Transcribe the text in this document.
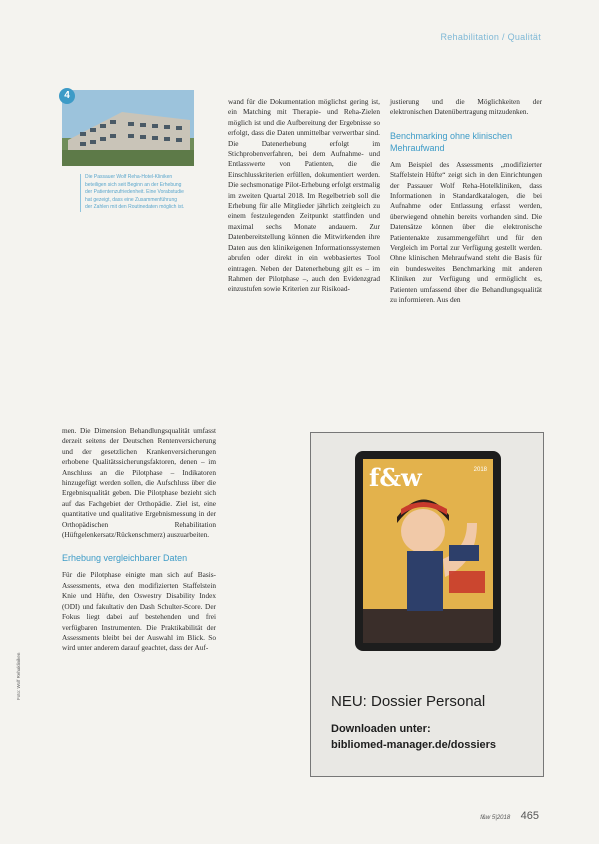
Rehabilitation / Qualität
Foto: Wolf Rehakliniken
4
Die Passauer Wolf Reha-Hotel-Kliniken beteiligen sich seit Beginn an der Erhebung der Patientenzufriedenheit. Eine Vorabstudie hat gezeigt, dass eine Zusammenführung der Zahlen mit den Routinedaten möglich ist.

wand für die Dokumentation möglichst gering ist, ein Matching mit Therapie- und Reha-Zielen möglich ist und die Aufbereitung der Ergebnisse so erfolgt, dass die Daten unmittelbar verwertbar sind. Die Datenerhebung erfolgt im Stichprobenverfahren, bei dem Aufnahme- und Entlasswerte von Patienten, die die Einschlusskriterien erfüllen, dokumentiert werden. Die sechsmonatige Pilot-Erhebung erfolgt erstmalig im zweiten Quartal 2018. Im Regelbetrieb soll die Erhebung für alle Mitglieder jährlich zeitgleich zu einem festzulegenden Zeitpunkt stattfinden und maximal sechs Monate andauern. Zur Datenbereitstellung können die Mitwirkenden ihre Daten aus den klinikeigenen Informationssystemen abrufen oder direkt in ein webbasiertes Tool eintragen. Neben der Datenerhebung gilt es – im Rahmen der Pilotphase –, auch den Evidenzgrad einzustufen sowie Kriterien zur Risikoad-

justierung und die Möglichkeiten der elektronischen Datenübertragung mitzudenken.

Benchmarking ohne klinischen Mehraufwand

Am Beispiel des Assessments „modifizierter Staffelstein Hüfte“ zeigt sich in den Einrichtungen der Passauer Wolf Reha-Hotelkliniken, dass Informationen in Standardkatalogen, die bei Aufnahme oder Entlassung erfasst werden, überwiegend ohnehin bereits vorhanden sind. Die Datensätze können über die elektronische Patientenakte zusammengeführt und für den Vergleich im Portal zur Verfügung gestellt werden. Ohne klinischen Mehraufwand steht die Basis für ein bundesweites Benchmarking mit anderen Kliniken zur Verfügung und ermöglicht es, Patienten umfassend über die Behandlungsqualität zu informieren. Aus den

men. Die Dimension Behandlungsqualität umfasst derzeit seitens der Deutschen Rentenversicherung und der gesetzlichen Krankenversicherungen erhobene Qualitätssicherungsfaktoren, denen – im Anschluss an die Pilotphase – Indikatoren hinzugefügt werden sollen, die Aufschluss über die Ergebnisqualität geben. Die Pilotphase bezieht sich auf das Fachgebiet der Orthopädie. Ziel ist, eine quantitative und qualitative Ergebnismessung in der Orthopädischen Rehabilitation (Hüftgelenkersatz/Rückenschmerz) auszuarbeiten.

Erhebung vergleichbarer Daten

Für die Pilotphase einigte man sich auf Basis-Assessments, etwa den modifizierten Staffelstein Knie und Hüfte, den Oswestry Disability Index (ODI) und fakultativ den Dash Schulter-Score. Der Fokus liegt dabei auf bestehenden und frei verfügbaren Instrumenten. Die Praktikabilität der Assessments bleibt bei der Auswahl im Blick. So wird unter anderem darauf geachtet, dass der Auf-

f&w	2018
NEU: Dossier Personal
Downloaden unter:
bibliomed-manager.de/dossiers
f&w 5|2018 465
